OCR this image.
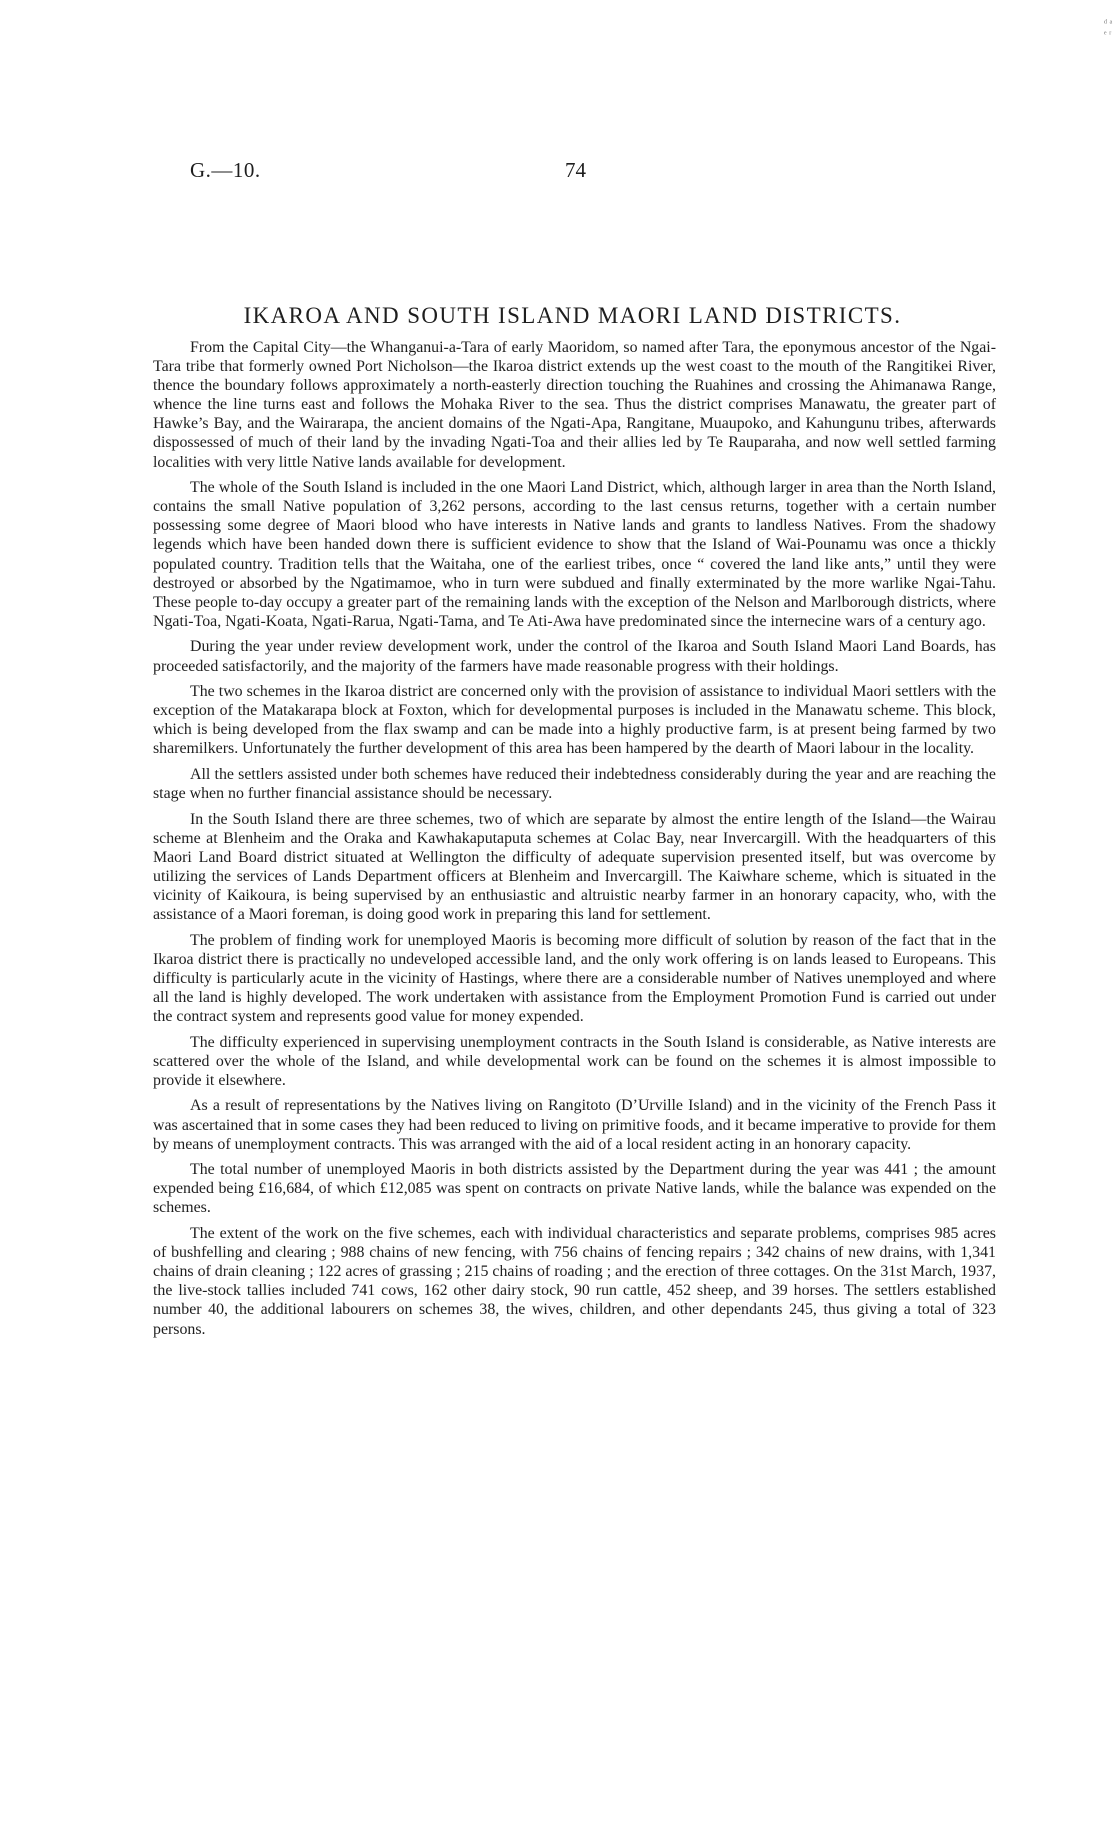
G.—10.	74
IKAROA AND SOUTH ISLAND MAORI LAND DISTRICTS.

From the Capital City—the Whanganui-a-Tara of early Maoridom, so named after Tara, the eponymous ancestor of the Ngai-Tara tribe that formerly owned Port Nicholson—the Ikaroa district extends up the west coast to the mouth of the Rangitikei River, thence the boundary follows approximately a north-easterly direction touching the Ruahines and crossing the Ahimanawa Range, whence the line turns east and follows the Mohaka River to the sea. Thus the district comprises Manawatu, the greater part of Hawke’s Bay, and the Wairarapa, the ancient domains of the Ngati-Apa, Rangitane, Muaupoko, and Kahungunu tribes, afterwards dispossessed of much of their land by the invading Ngati-Toa and their allies led by Te Rauparaha, and now well settled farming localities with very little Native lands available for development.

The whole of the South Island is included in the one Maori Land District, which, although larger in area than the North Island, contains the small Native population of 3,262 persons, according to the last census returns, together with a certain number possessing some degree of Maori blood who have interests in Native lands and grants to landless Natives. From the shadowy legends which have been handed down there is sufficient evidence to show that the Island of Wai-Pounamu was once a thickly populated country. Tradition tells that the Waitaha, one of the earliest tribes, once “ covered the land like ants,” until they were destroyed or absorbed by the Ngatimamoe, who in turn were subdued and finally exterminated by the more warlike Ngai-Tahu. These people to-day occupy a greater part of the remaining lands with the exception of the Nelson and Marlborough districts, where Ngati-Toa, Ngati-Koata, Ngati-Rarua, Ngati-Tama, and Te Ati-Awa have predominated since the internecine wars of a century ago.

During the year under review development work, under the control of the Ikaroa and South Island Maori Land Boards, has proceeded satisfactorily, and the majority of the farmers have made reasonable progress with their holdings.

The two schemes in the Ikaroa district are concerned only with the provision of assistance to individual Maori settlers with the exception of the Matakarapa block at Foxton, which for developmental purposes is included in the Manawatu scheme. This block, which is being developed from the flax swamp and can be made into a highly productive farm, is at present being farmed by two sharemilkers. Unfortunately the further development of this area has been hampered by the dearth of Maori labour in the locality.

All the settlers assisted under both schemes have reduced their indebtedness considerably during the year and are reaching the stage when no further financial assistance should be necessary.

In the South Island there are three schemes, two of which are separate by almost the entire length of the Island—the Wairau scheme at Blenheim and the Oraka and Kawhakaputaputa schemes at Colac Bay, near Invercargill. With the headquarters of this Maori Land Board district situated at Wellington the difficulty of adequate supervision presented itself, but was overcome by utilizing the services of Lands Department officers at Blenheim and Invercargill. The Kaiwhare scheme, which is situated in the vicinity of Kaikoura, is being supervised by an enthusiastic and altruistic nearby farmer in an honorary capacity, who, with the assistance of a Maori foreman, is doing good work in preparing this land for settlement.

The problem of finding work for unemployed Maoris is becoming more difficult of solution by reason of the fact that in the Ikaroa district there is practically no undeveloped accessible land, and the only work offering is on lands leased to Europeans. This difficulty is particularly acute in the vicinity of Hastings, where there are a considerable number of Natives unemployed and where all the land is highly developed. The work undertaken with assistance from the Employment Promotion Fund is carried out under the contract system and represents good value for money expended.

The difficulty experienced in supervising unemployment contracts in the South Island is considerable, as Native interests are scattered over the whole of the Island, and while developmental work can be found on the schemes it is almost impossible to provide it elsewhere.

As a result of representations by the Natives living on Rangitoto (D’Urville Island) and in the vicinity of the French Pass it was ascertained that in some cases they had been reduced to living on primitive foods, and it became imperative to provide for them by means of unemployment contracts. This was arranged with the aid of a local resident acting in an honorary capacity.

The total number of unemployed Maoris in both districts assisted by the Department during the year was 441 ; the amount expended being £16,684, of which £12,085 was spent on contracts on private Native lands, while the balance was expended on the schemes.

The extent of the work on the five schemes, each with individual characteristics and separate problems, comprises 985 acres of bushfelling and clearing ; 988 chains of new fencing, with 756 chains of fencing repairs ; 342 chains of new drains, with 1,341 chains of drain cleaning ; 122 acres of grassing ; 215 chains of roading ; and the erection of three cottages. On the 31st March, 1937, the live-stock tallies included 741 cows, 162 other dairy stock, 90 run cattle, 452 sheep, and 39 horses. The settlers established number 40, the additional labourers on schemes 38, the wives, children, and other dependants 245, thus giving a total of 323 persons.

ᵈ ᵃ ᵉ ʳ
